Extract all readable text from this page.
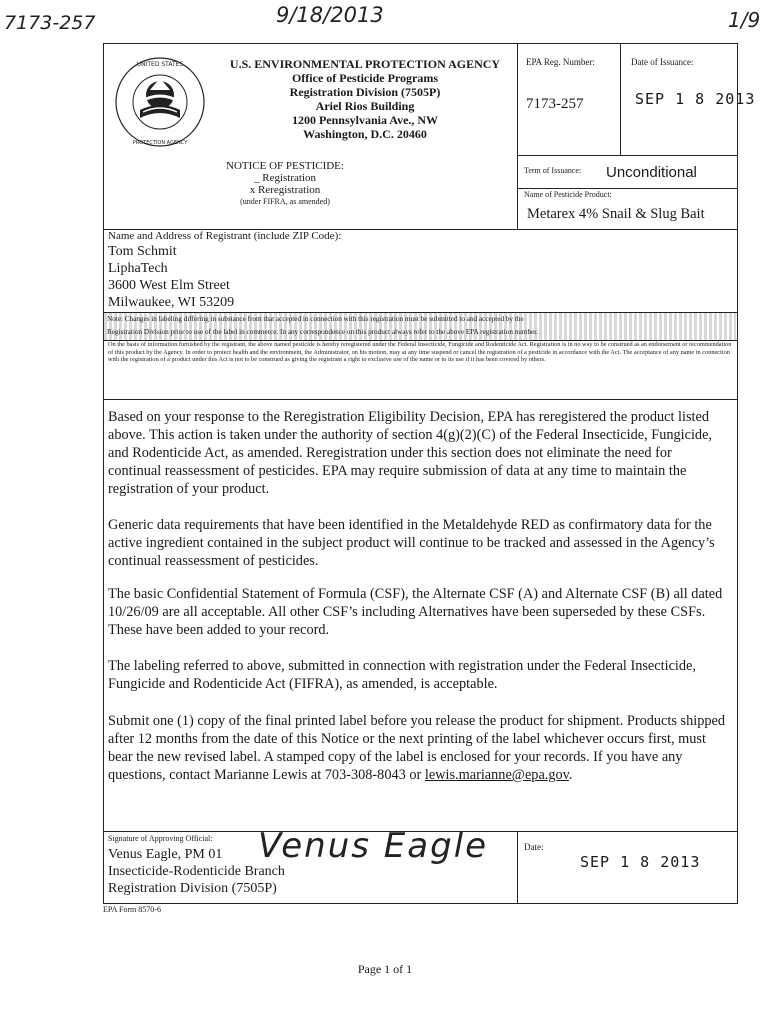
7173-257	9/18/2013	1/9
UNITED STATES
PROTECTION AGENCY
U.S. ENVIRONMENTAL PROTECTION AGENCY
Office of Pesticide Programs
Registration Division (7505P)
Ariel Rios Building
1200 Pennsylvania Ave., NW
Washington, D.C. 20460
EPA Reg. Number:
7173-257
Date of Issuance:
SEP 1 8 2013
NOTICE OF PESTICIDE:
_ Registration
x Reregistration
(under FIFRA, as amended)
Term of Issuance: Unconditional
Name of Pesticide Product:
Metarex 4% Snail & Slug Bait
Name and Address of Registrant (include ZIP Code):
Tom Schmit
LiphaTech
3600 West Elm Street
Milwaukee, WI 53209
Note: Changes in labeling differing in substance from that accepted in connection with this registration must be submitted to and accepted by the
Registration Division prior to use of the label in commerce. In any correspondence on this product always refer to the above EPA registration number.
On the basis of information furnished by the registrant, the above named pesticide is hereby reregistered under the Federal Insecticide, Fungicide and Rodenticide Act. Registration is in no way to be construed as an endorsement or recommendation of this product by the Agency. In order to protect health and the environment, the Administrator, on his motion, may at any time suspend or cancel the registration of a pesticide in accordance with the Act. The acceptance of any name in connection with the registration of a product under this Act is not to be construed as giving the registrant a right to exclusive use of the name or to its use if it has been covered by others.
Based on your response to the Reregistration Eligibility Decision, EPA has reregistered the product listed above. This action is taken under the authority of section 4(g)(2)(C) of the Federal Insecticide, Fungicide, and Rodenticide Act, as amended. Reregistration under this section does not eliminate the need for continual reassessment of pesticides. EPA may require submission of data at any time to maintain the registration of your product.
Generic data requirements that have been identified in the Metaldehyde RED as confirmatory data for the active ingredient contained in the subject product will continue to be tracked and assessed in the Agency’s continual reassessment of pesticides.
The basic Confidential Statement of Formula (CSF), the Alternate CSF (A) and Alternate CSF (B) all dated 10/26/09 are all acceptable. All other CSF’s including Alternatives have been superseded by these CSFs. These have been added to your record.
The labeling referred to above, submitted in connection with registration under the Federal Insecticide, Fungicide and Rodenticide Act (FIFRA), as amended, is acceptable.
Submit one (1) copy of the final printed label before you release the product for shipment. Products shipped after 12 months from the date of this Notice or the next printing of the label whichever occurs first, must bear the new revised label. A stamped copy of the label is enclosed for your records. If you have any questions, contact Marianne Lewis at 703-308-8043 or lewis.marianne@epa.gov.
Signature of Approving Official: Venus Eagle
Venus Eagle, PM 01
Insecticide-Rodenticide Branch
Registration Division (7505P)
Date:
SEP 1 8 2013
EPA Form 8570-6
Page 1 of 1
